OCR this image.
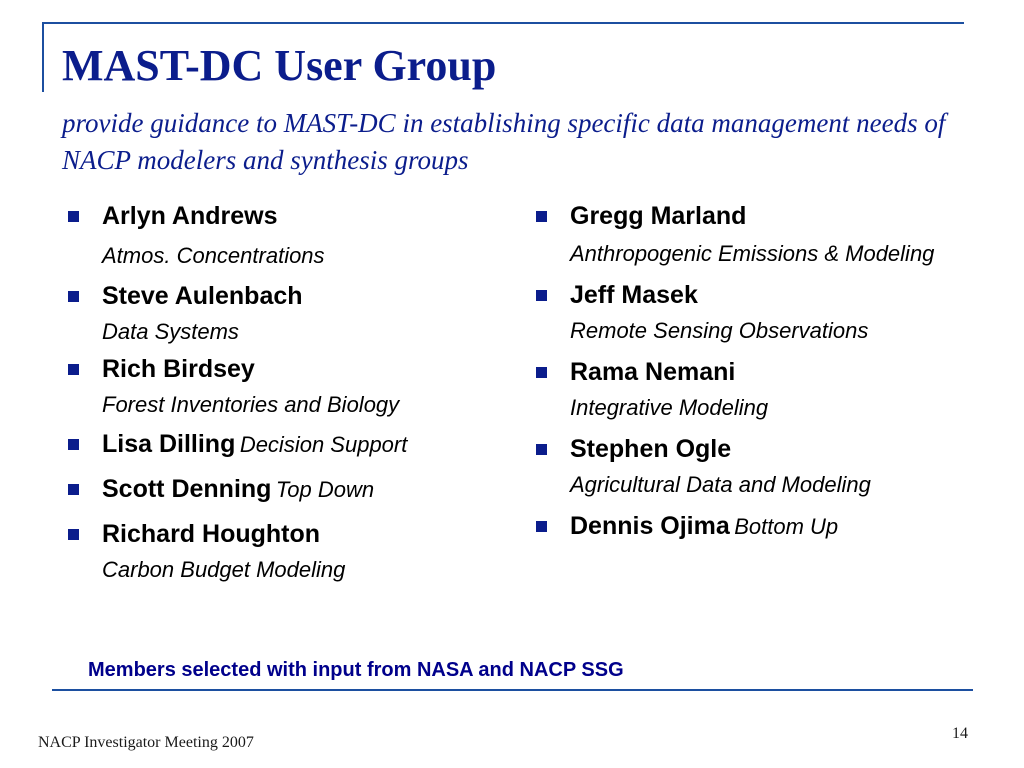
MAST-DC User Group
provide guidance to MAST-DC in establishing specific data management needs of NACP modelers and synthesis groups
Arlyn Andrews
Atmos. Concentrations
Steve Aulenbach
Data Systems
Rich Birdsey
Forest Inventories and Biology
Lisa Dilling Decision Support
Scott Denning Top Down
Richard Houghton
Carbon Budget Modeling
Gregg Marland
Anthropogenic Emissions & Modeling
Jeff Masek
Remote Sensing Observations
Rama Nemani
Integrative Modeling
Stephen Ogle
Agricultural Data and Modeling
Dennis Ojima Bottom Up
Members selected with input from NASA and NACP SSG
NACP Investigator Meeting 2007
14
